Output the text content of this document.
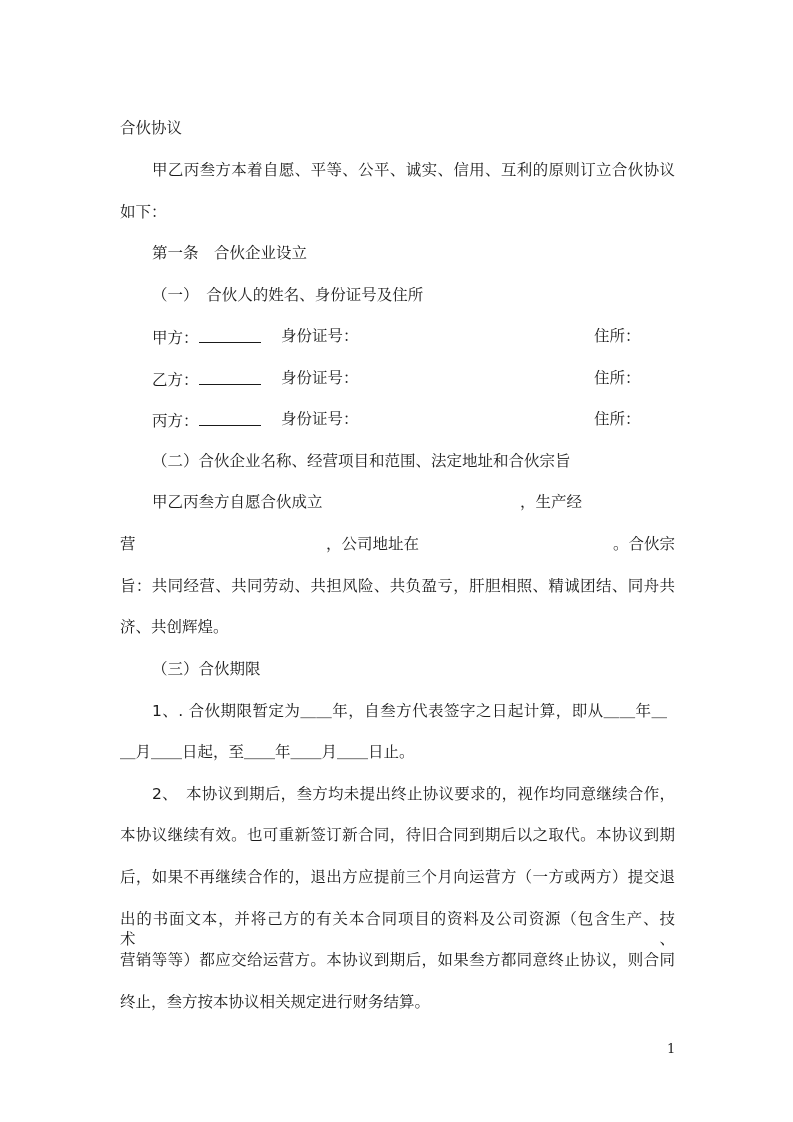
合伙协议
甲乙丙叁方本着自愿、平等、公平、诚实、信用、互利的原则订立合伙协议
如下：
第一条　合伙企业设立
（一）　合伙人的姓名、身份证号及住所
甲方：	身份证号：	住所：
乙方：	身份证号：	住所：
丙方：	身份证号：	住所：
（二）合伙企业名称、经营项目和范围、法定地址和合伙宗旨
甲乙丙叁方自愿合伙成立	，生产经
营	，公司地址在	。合伙宗
旨：共同经营、共同劳动、共担风险、共负盈亏，肝胆相照、精诚团结、同舟共
济、共创辉煌。
（三）合伙期限
1、. 合伙期限暂定为＿＿年，自叁方代表签字之日起计算，即从＿＿年＿
＿月＿＿日起，至＿＿年＿＿月＿＿日止。
2、　本协议到期后，叁方均未提出终止协议要求的，视作均同意继续合作，
本协议继续有效。也可重新签订新合同，待旧合同到期后以之取代。本协议到期
后，如果不再继续合作的，退出方应提前三个月向运营方（一方或两方）提交退
出的书面文本，并将己方的有关本合同项目的资料及公司资源（包含生产、技术、
营销等等）都应交给运营方。本协议到期后，如果叁方都同意终止协议，则合同
终止，叁方按本协议相关规定进行财务结算。
1
